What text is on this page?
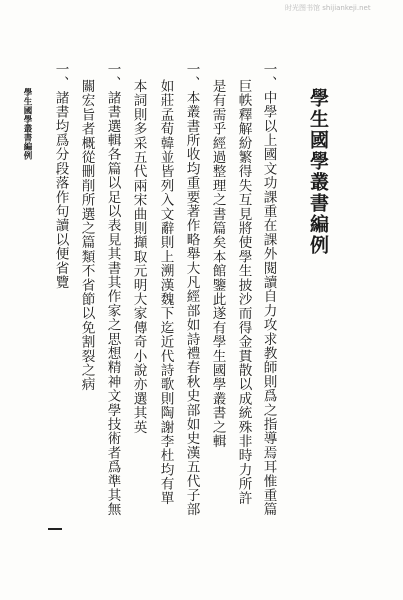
时光图书馆 shijiankeji.net
學生國學叢書編例
一、中學以上國文功課重在課外閱讀自力攻求教師則爲之指導焉耳惟重篇
巨帙釋解紛繁得失互見將使學生披沙而得金貫散以成統殊非時力所許
是有需乎經過整理之書篇矣本館鑒此遂有學生國學叢書之輯
一、本叢書所收均重要著作略舉大凡經部如詩禮春秋史部如史漢五代子部
如莊孟荀韓並皆列入文辭則上溯漢魏下迄近代詩歌則陶謝李杜均有單
本詞則多采五代兩宋曲則擷取元明大家傳奇小說亦選其英
一、諸書選輯各篇以足以表見其書其作家之思想精神文學技術者爲準其無
關宏旨者概從刪削所選之篇類不省節以免割裂之病
一、諸書均爲分段落作句讀以便省覽
學生國學叢書編例
